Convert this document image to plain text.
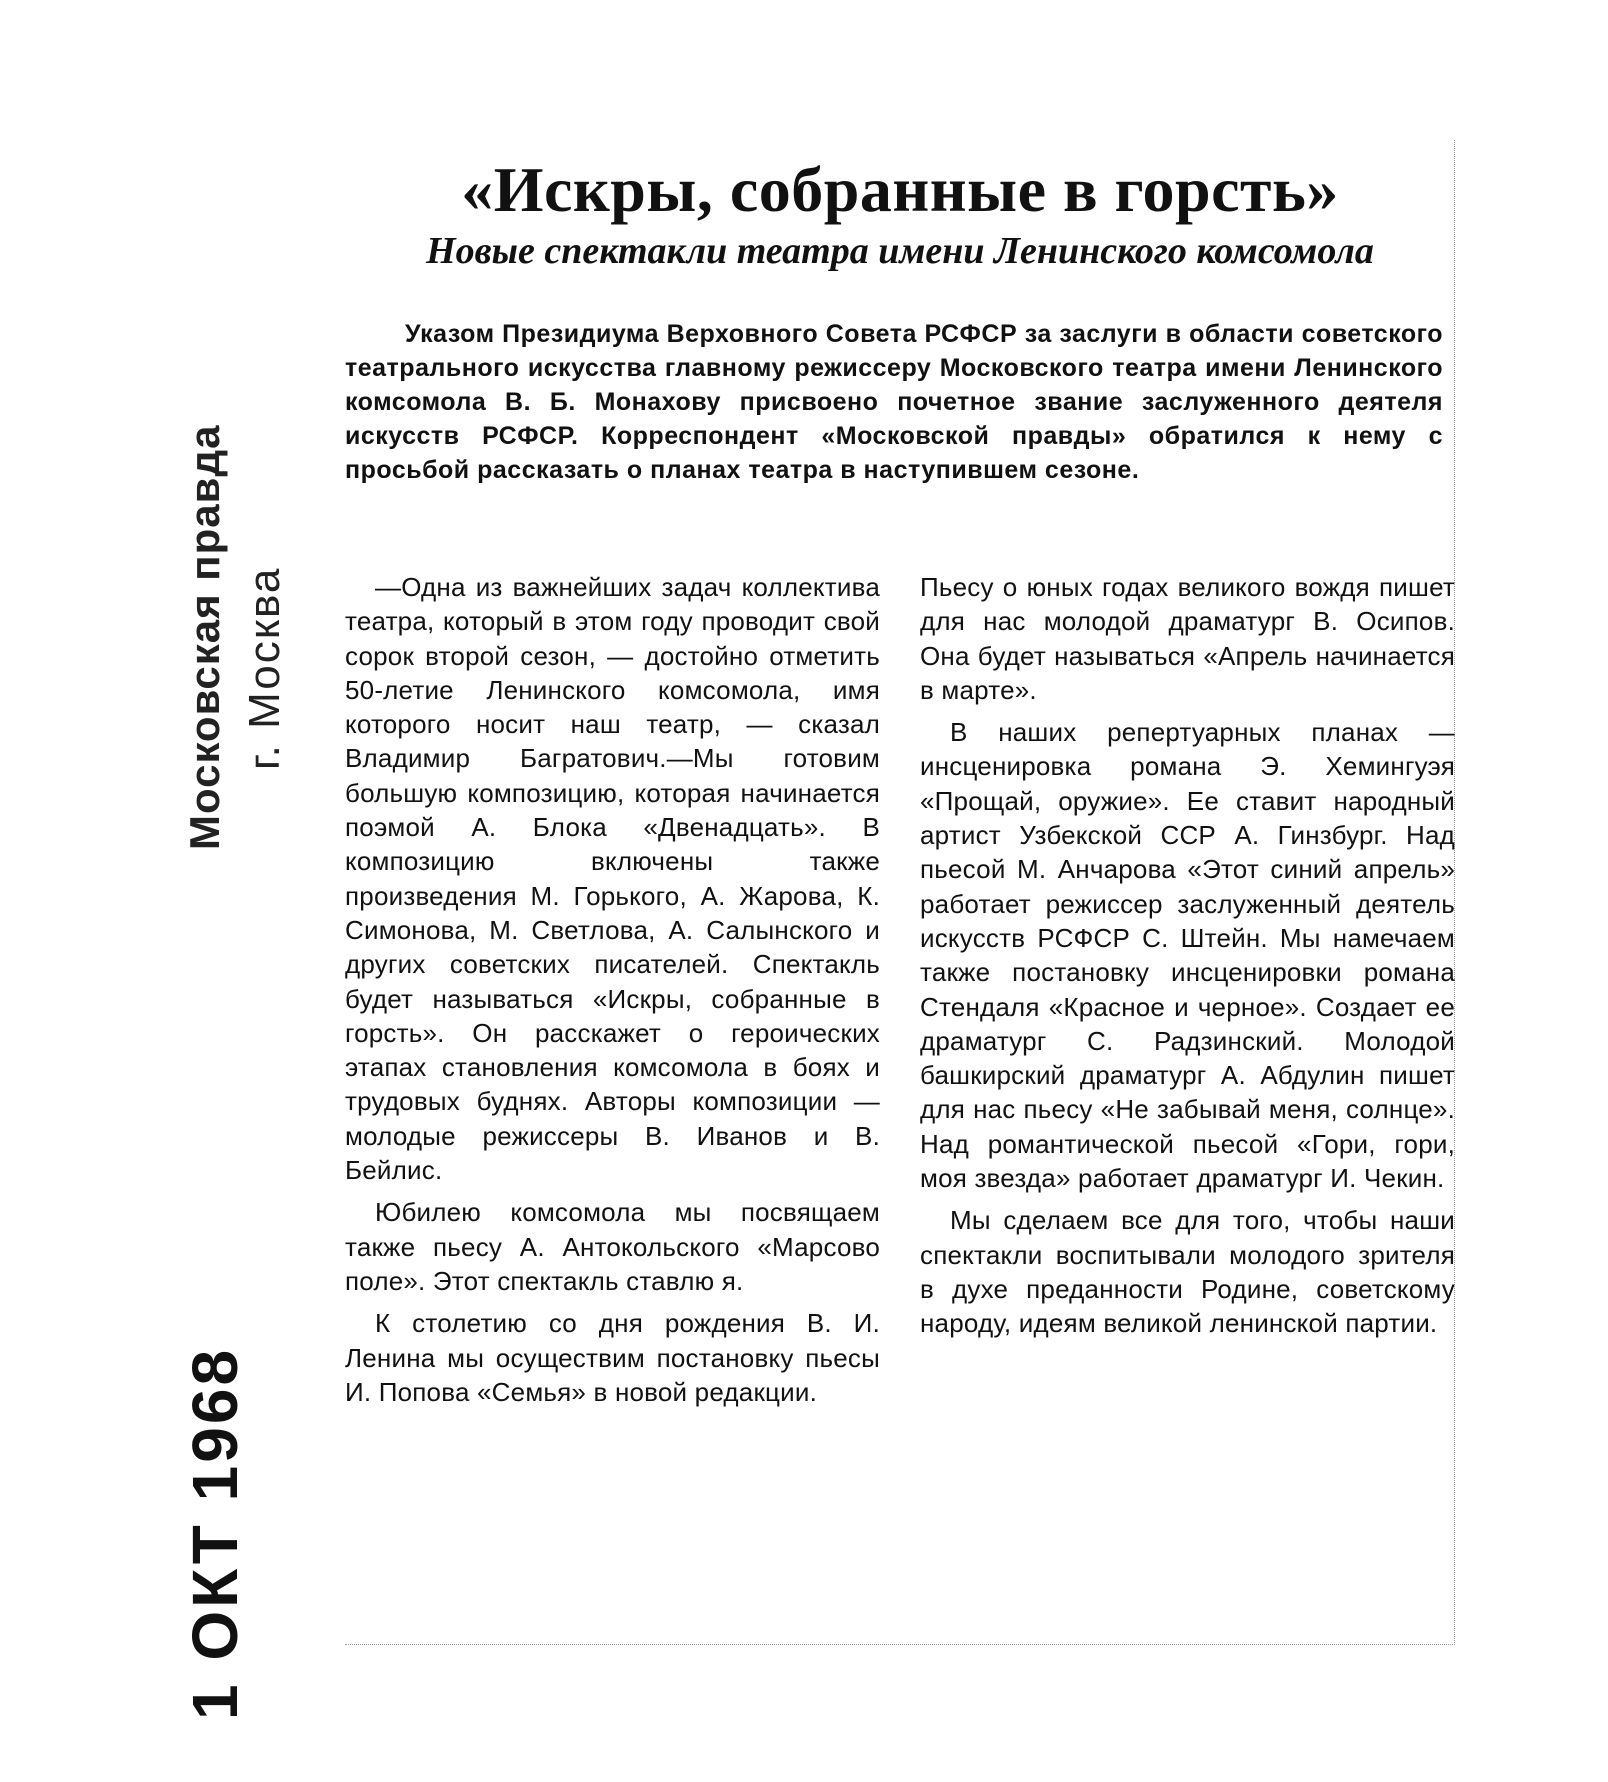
1 ОКТ 1968
Московская правда г. Москва
«Искры, собранные в горсть»
Новые спектакли театра имени Ленинского комсомола

Указом Президиума Верховного Совета РСФСР за заслуги в области советского театрального искусства главному режиссеру Московского театра имени Ленинского комсомола В. Б. Монахову присвоено почетное звание заслуженного деятеля искусств РСФСР. Корреспондент «Московской правды» обратился к нему с просьбой рассказать о планах театра в наступившем сезоне.

—Одна из важнейших задач коллектива театра, который в этом году проводит свой сорок второй сезон, — достойно отметить 50-летие Ленинского комсомола, имя которого носит наш театр, — сказал Владимир Багратович.—Мы готовим большую композицию, которая начинается поэмой А. Блока «Двенадцать». В композицию включены также произведения М. Горького, А. Жарова, К. Симонова, М. Светлова, А. Салынского и других советских писателей. Спектакль будет называться «Искры, собранные в горсть». Он расскажет о героических этапах становления комсомола в боях и трудовых буднях. Авторы композиции — молодые режиссеры В. Иванов и В. Бейлис.

Юбилею комсомола мы посвящаем также пьесу А. Антокольского «Марсово поле». Этот спектакль ставлю я.

К столетию со дня рождения В. И. Ленина мы осуществим постановку пьесы И. Попова «Семья» в новой редакции.

Пьесу о юных годах великого вождя пишет для нас молодой драматург В. Осипов. Она будет называться «Апрель начинается в марте».

В наших репертуарных планах — инсценировка романа Э. Хемингуэя «Прощай, оружие». Ее ставит народный артист Узбекской ССР А. Гинзбург. Над пьесой М. Анчарова «Этот синий апрель» работает режиссер заслуженный деятель искусств РСФСР С. Штейн. Мы намечаем также постановку инсценировки романа Стендаля «Красное и черное». Создает ее драматург С. Радзинский. Молодой башкирский драматург А. Абдулин пишет для нас пьесу «Не забывай меня, солнце». Над романтической пьесой «Гори, гори, моя звезда» работает драматург И. Чекин.

Мы сделаем все для того, чтобы наши спектакли воспитывали молодого зрителя в духе преданности Родине, советскому народу, идеям великой ленинской партии.
